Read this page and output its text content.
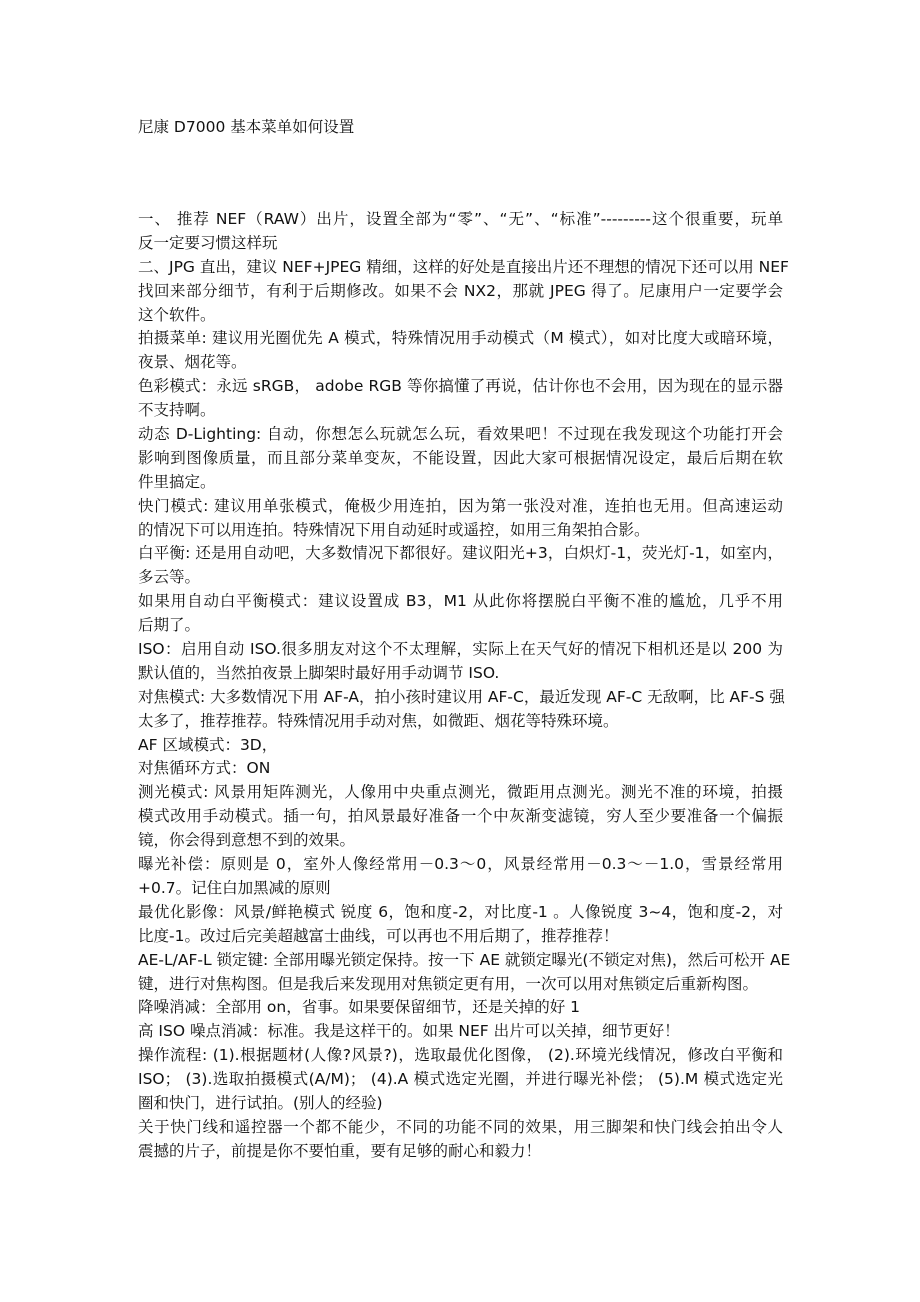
尼康 D7000 基本菜单如何设置
一、 推荐 NEF（RAW）出片，设置全部为“零”、“无”、“标准”---------这个很重要，玩单
反一定要习惯这样玩
二、JPG 直出，建议 NEF+JPEG 精细，这样的好处是直接出片还不理想的情况下还可以用 NEF
找回来部分细节，有利于后期修改。如果不会 NX2，那就 JPEG 得了。尼康用户一定要学会
这个软件。
拍摄菜单: 建议用光圈优先 A 模式，特殊情况用手动模式（M 模式），如对比度大或暗环境，
夜景、烟花等。
色彩模式：永远 sRGB， adobe RGB 等你搞懂了再说，估计你也不会用，因为现在的显示器
不支持啊。
动态 D-Lighting: 自动，你想怎么玩就怎么玩，看效果吧！不过现在我发现这个功能打开会
影响到图像质量，而且部分菜单变灰，不能设置，因此大家可根据情况设定，最后后期在软
件里搞定。
快门模式: 建议用单张模式，俺极少用连拍，因为第一张没对准，连拍也无用。但高速运动
的情况下可以用连拍。特殊情况下用自动延时或遥控，如用三角架拍合影。
白平衡: 还是用自动吧，大多数情况下都很好。建议阳光+3，白炽灯-1，荧光灯-1，如室内，
多云等。
如果用自动白平衡模式：建议设置成 B3，M1 从此你将摆脱白平衡不准的尴尬，几乎不用
后期了。
ISO：启用自动 ISO.很多朋友对这个不太理解，实际上在天气好的情况下相机还是以 200 为
默认值的，当然拍夜景上脚架时最好用手动调节 ISO.
对焦模式: 大多数情况下用 AF-A，拍小孩时建议用 AF-C，最近发现 AF-C 无敌啊，比 AF-S 强
太多了，推荐推荐。特殊情况用手动对焦，如微距、烟花等特殊环境。
AF 区域模式：3D，
对焦循环方式：ON
测光模式: 风景用矩阵测光，人像用中央重点测光，微距用点测光。测光不准的环境，拍摄
模式改用手动模式。插一句，拍风景最好准备一个中灰渐变滤镜，穷人至少要准备一个偏振
镜，你会得到意想不到的效果。
曝光补偿：原则是 0，室外人像经常用－0.3～0，风景经常用－0.3～－1.0，雪景经常用
+0.7。记住白加黑减的原则
最优化影像：风景/鲜艳模式 锐度 6，饱和度-2，对比度-1 。人像锐度 3~4，饱和度-2，对
比度-1。改过后完美超越富士曲线，可以再也不用后期了，推荐推荐！
AE-L/AF-L 锁定键: 全部用曝光锁定保持。按一下 AE 就锁定曝光(不锁定对焦)，然后可松开 AE
键，进行对焦构图。但是我后来发现用对焦锁定更有用，一次可以用对焦锁定后重新构图。
降噪消减：全部用 on，省事。如果要保留细节，还是关掉的好 1
高 ISO 噪点消减：标准。我是这样干的。如果 NEF 出片可以关掉，细节更好！
操作流程: (1).根据题材(人像?风景?)，选取最优化图像， (2).环境光线情况，修改白平衡和
ISO； (3).选取拍摄模式(A/M)； (4).A 模式选定光圈，并进行曝光补偿； (5).M 模式选定光
圈和快门，进行试拍。(别人的经验)
关于快门线和遥控器一个都不能少，不同的功能不同的效果，用三脚架和快门线会拍出令人
震撼的片子，前提是你不要怕重，要有足够的耐心和毅力！
